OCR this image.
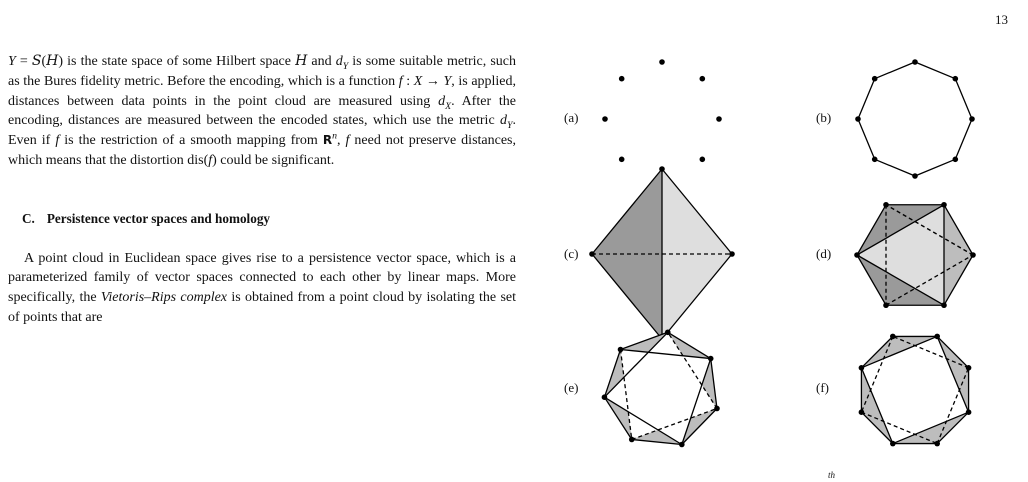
13

Y = S(H) is the state space of some Hilbert space H and $d_Y$ is some suitable metric, such as the Bures fidelity metric. Before the encoding, which is a function f : X → Y, is applied, distances between data points in the point cloud are measured using $d_X$. After the encoding, distances are measured between the encoded states, which use the metric $d_Y$. Even if f is the restriction of a smooth mapping from $R^n$, f need not preserve distances, which means that the distortion dis(f) could be significant.

C. Persistence vector spaces and homology

A point cloud in Euclidean space gives rise to a persistence vector space, which is a parameterized family of vector spaces connected to each other by linear maps. More specifically, the Vietoris–Rips complex is obtained from a point cloud by isolating the set of points that are

(a)	(b)
(c)	(d)
(e)	(f)
th
